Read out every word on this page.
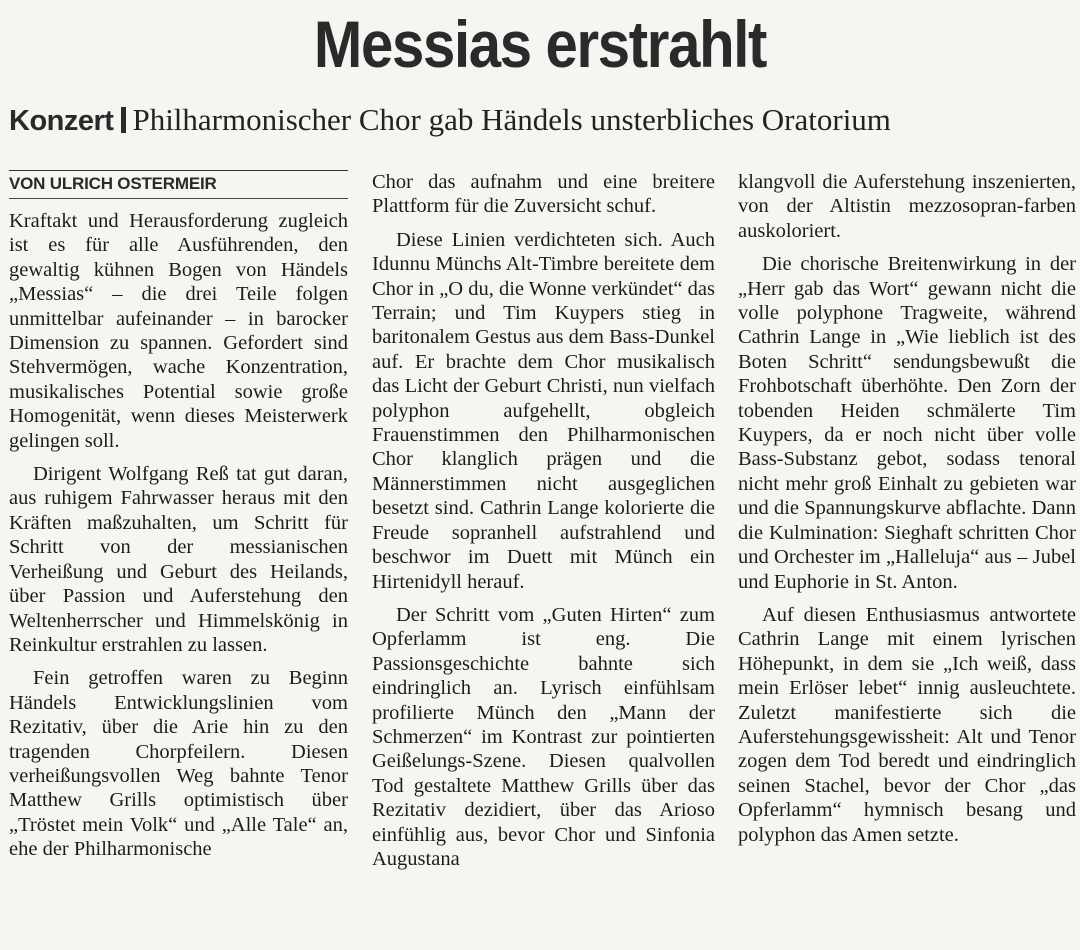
Messias erstrahlt
Konzert Philharmonischer Chor gab Händels unsterbliches Oratorium
VON ULRICH OSTERMEIR

Kraftakt und Herausforderung zugleich ist es für alle Ausführenden, den gewaltig kühnen Bogen von Händels „Messias“ – die drei Teile folgen unmittelbar aufeinander – in barocker Dimension zu spannen. Gefordert sind Stehvermögen, wache Konzentration, musikalisches Potential sowie große Homogenität, wenn dieses Meisterwerk gelingen soll.

Dirigent Wolfgang Reß tat gut daran, aus ruhigem Fahrwasser heraus mit den Kräften maßzuhalten, um Schritt für Schritt von der messianischen Verheißung und Geburt des Heilands, über Passion und Auferstehung den Weltenherrscher und Himmelskönig in Reinkultur erstrahlen zu lassen.

Fein getroffen waren zu Beginn Händels Entwicklungslinien vom Rezitativ, über die Arie hin zu den tragenden Chorpfeilern. Diesen verheißungsvollen Weg bahnte Tenor Matthew Grills optimistisch über „Tröstet mein Volk“ und „Alle Tale“ an, ehe der Philharmonische

Chor das aufnahm und eine breitere Plattform für die Zuversicht schuf.

Diese Linien verdichteten sich. Auch Idunnu Münchs Alt-Timbre bereitete dem Chor in „O du, die Wonne verkündet“ das Terrain; und Tim Kuypers stieg in baritonalem Gestus aus dem Bass-Dunkel auf. Er brachte dem Chor musikalisch das Licht der Geburt Christi, nun vielfach polyphon aufgehellt, obgleich Frauenstimmen den Philharmonischen Chor klanglich prägen und die Männerstimmen nicht ausgeglichen besetzt sind. Cathrin Lange kolorierte die Freude sopranhell aufstrahlend und beschwor im Duett mit Münch ein Hirtenidyll herauf.

Der Schritt vom „Guten Hirten“ zum Opferlamm ist eng. Die Passionsgeschichte bahnte sich eindringlich an. Lyrisch einfühlsam profilierte Münch den „Mann der Schmerzen“ im Kontrast zur pointierten Geißelungs-Szene. Diesen qualvollen Tod gestaltete Matthew Grills über das Rezitativ dezidiert, über das Arioso einfühlig aus, bevor Chor und Sinfonia Augustana

klangvoll die Auferstehung inszenierten, von der Altistin mezzosopran-farben auskoloriert.

Die chorische Breitenwirkung in der „Herr gab das Wort“ gewann nicht die volle polyphone Tragweite, während Cathrin Lange in „Wie lieblich ist des Boten Schritt“ sendungsbewußt die Frohbotschaft überhöhte. Den Zorn der tobenden Heiden schmälerte Tim Kuypers, da er noch nicht über volle Bass-Substanz gebot, sodass tenoral nicht mehr groß Einhalt zu gebieten war und die Spannungskurve abflachte. Dann die Kulmination: Sieghaft schritten Chor und Orchester im „Halleluja“ aus – Jubel und Euphorie in St. Anton.

Auf diesen Enthusiasmus antwortete Cathrin Lange mit einem lyrischen Höhepunkt, in dem sie „Ich weiß, dass mein Erlöser lebet“ innig ausleuchtete. Zuletzt manifestierte sich die Auferstehungsgewissheit: Alt und Tenor zogen dem Tod beredt und eindringlich seinen Stachel, bevor der Chor „das Opferlamm“ hymnisch besang und polyphon das Amen setzte.
